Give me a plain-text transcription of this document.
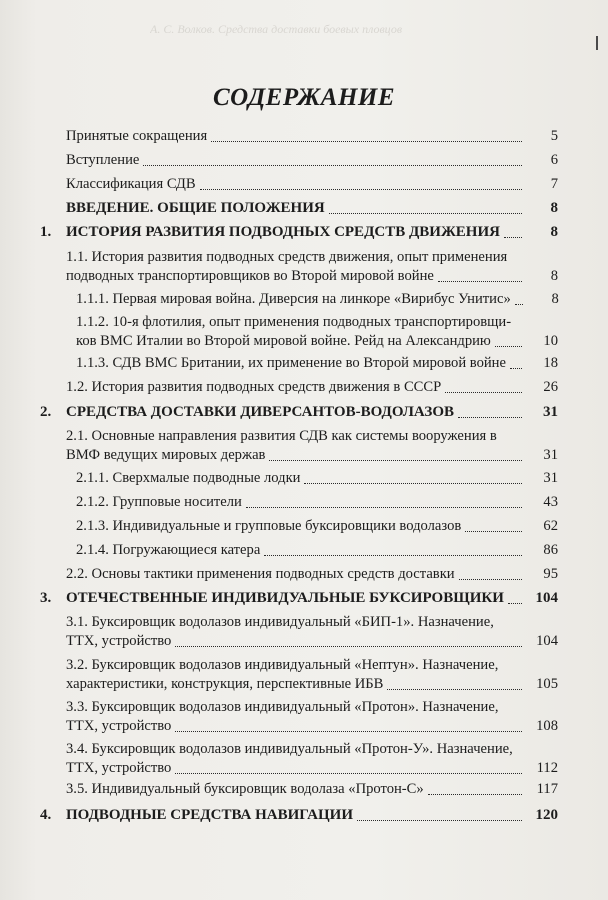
А. С. Волков. Средства доставки боевых пловцов
СОДЕРЖАНИЕ
Принятые сокращения	5
Вступление	6
Классификация СДВ	7
ВВЕДЕНИЕ. ОБЩИЕ ПОЛОЖЕНИЯ	8
1. ИСТОРИЯ РАЗВИТИЯ ПОДВОДНЫХ СРЕДСТВ ДВИЖЕНИЯ	8
1.1. История развития подводных средств движения, опыт применения
подводных транспортировщиков во Второй мировой войне	8
1.1.1. Первая мировая война. Диверсия на линкоре «Вирибус Унитис»	8
1.1.2. 10-я флотилия, опыт применения подводных транспортировщи-
ков ВМС Италии во Второй мировой войне. Рейд на Александрию	10
1.1.3. СДВ ВМС Британии, их применение во Второй мировой войне	18
1.2. История развития подводных средств движения в СССР	26
2. СРЕДСТВА ДОСТАВКИ ДИВЕРСАНТОВ-ВОДОЛАЗОВ	31
2.1. Основные направления развития СДВ как системы вооружения в
ВМФ ведущих мировых держав	31
2.1.1. Сверхмалые подводные лодки	31
2.1.2. Групповые носители	43
2.1.3. Индивидуальные и групповые буксировщики водолазов	62
2.1.4. Погружающиеся катера	86
2.2. Основы тактики применения подводных средств доставки	95
3. ОТЕЧЕСТВЕННЫЕ ИНДИВИДУАЛЬНЫЕ БУКСИРОВЩИКИ	104
3.1. Буксировщик водолазов индивидуальный «БИП-1». Назначение,
ТТХ, устройство	104
3.2. Буксировщик водолазов индивидуальный «Нептун». Назначение,
характеристики, конструкция, перспективные ИБВ	105
3.3. Буксировщик водолазов индивидуальный «Протон». Назначение,
ТТХ, устройство	108
3.4. Буксировщик водолазов индивидуальный «Протон-У». Назначение,
ТТХ, устройство	112
3.5. Индивидуальный буксировщик водолаза «Протон-С»	117
4. ПОДВОДНЫЕ СРЕДСТВА НАВИГАЦИИ	120
